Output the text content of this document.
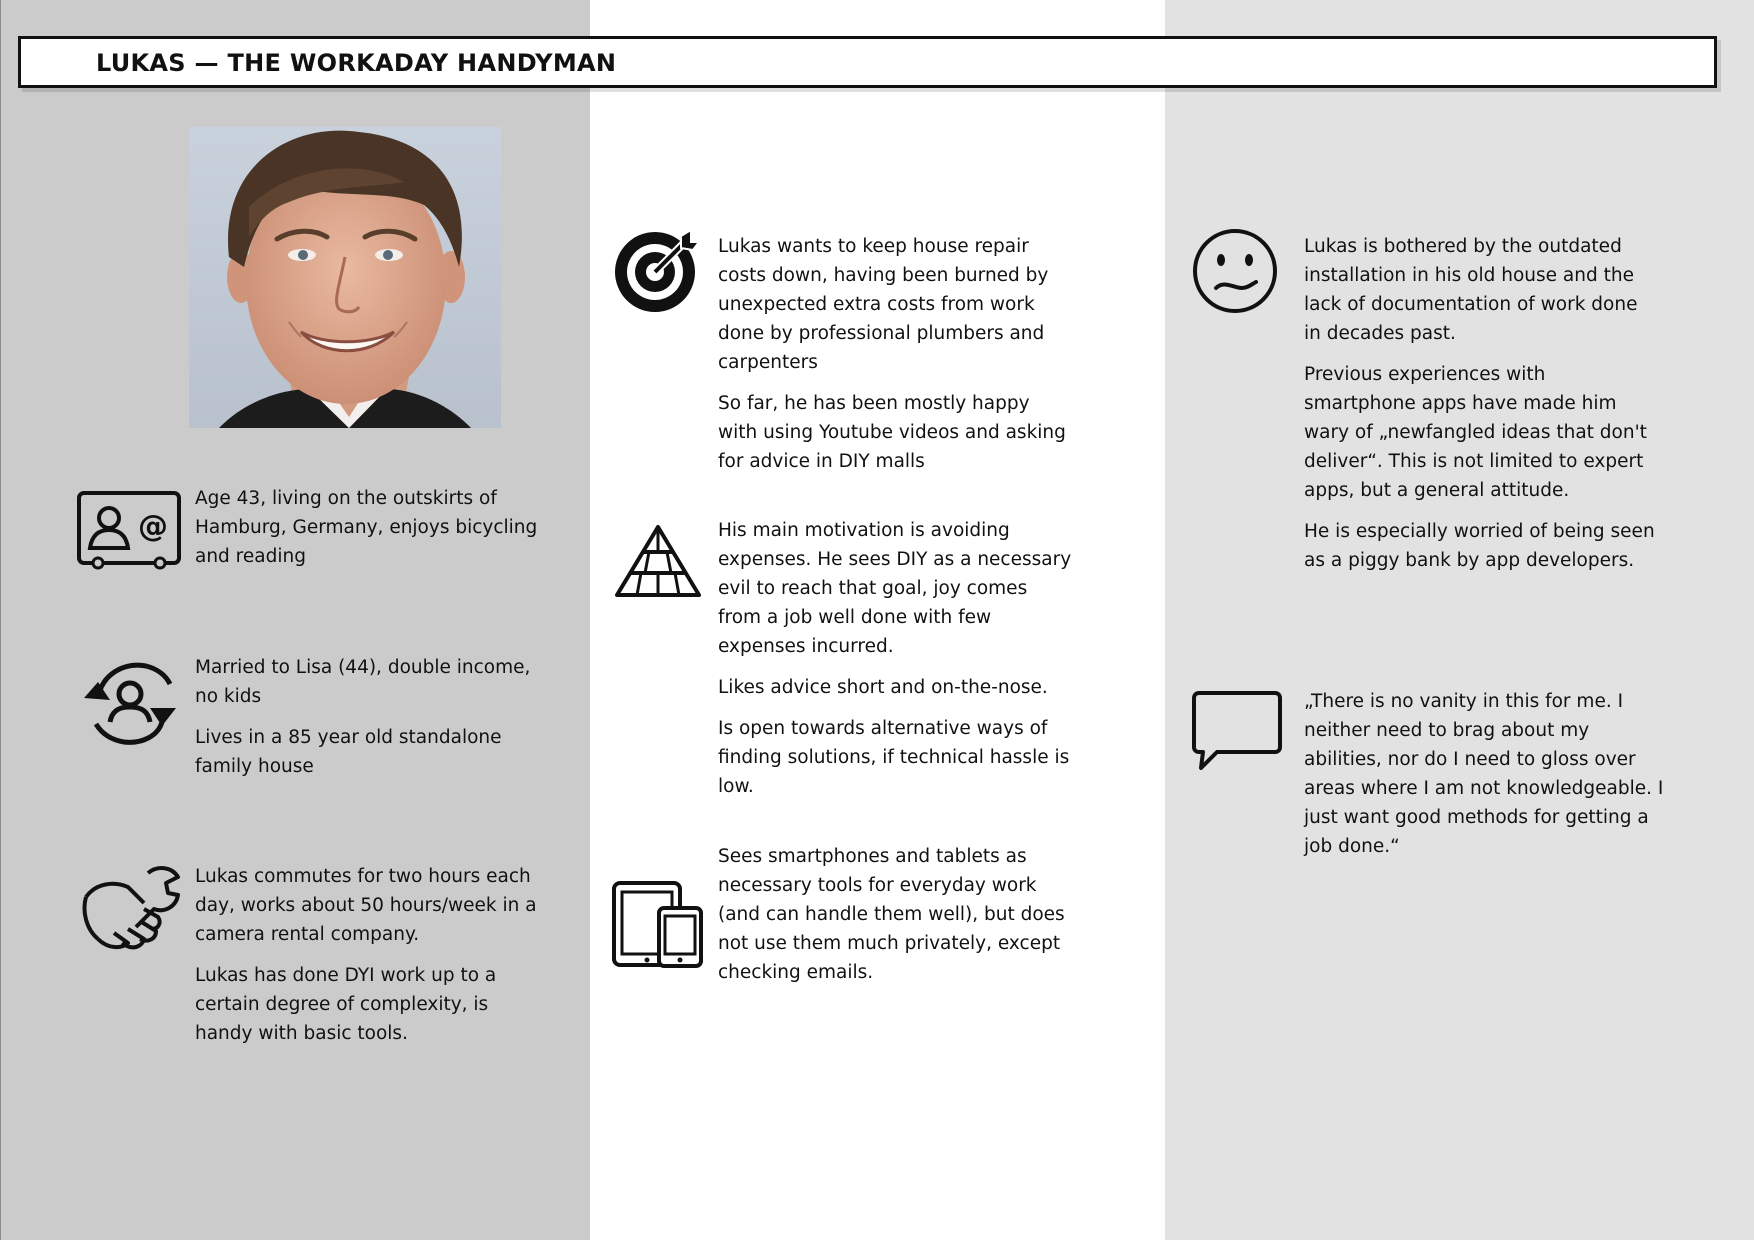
LUKAS — THE WORKADAY HANDYMAN
@

Age 43, living on the outskirts of Hamburg, Germany, enjoys bicycling and reading

Married to Lisa (44), double income, no kids

Lives in a 85 year old standalone family house

Lukas commutes for two hours each day, works about 50 hours/week in a camera rental company.

Lukas has done DYI work up to a certain degree of complexity, is handy with basic tools.

Lukas wants to keep house repair costs down, having been burned by unexpected extra costs from work done by professional plumbers and carpenters

So far, he has been mostly happy with using Youtube videos and asking for advice in DIY malls

His main motivation is avoiding expenses. He sees DIY as a necessary evil to reach that goal, joy comes from a job well done with few expenses incurred.

Likes advice short and on-the-nose.

Is open towards alternative ways of finding solutions, if technical hassle is low.

Sees smartphones and tablets as necessary tools for everyday work (and can handle them well), but does not use them much privately, except checking emails.

Lukas is bothered by the outdated installation in his old house and the lack of documentation of work done in decades past.

Previous experiences with smartphone apps have made him wary of „newfangled ideas that don't deliver“. This is not limited to expert apps, but a general attitude.

He is especially worried of being seen as a piggy bank by app developers.

„There is no vanity in this for me. I neither need to brag about my abilities, nor do I need to gloss over areas where I am not knowledgeable. I just want good methods for getting a job done.“
